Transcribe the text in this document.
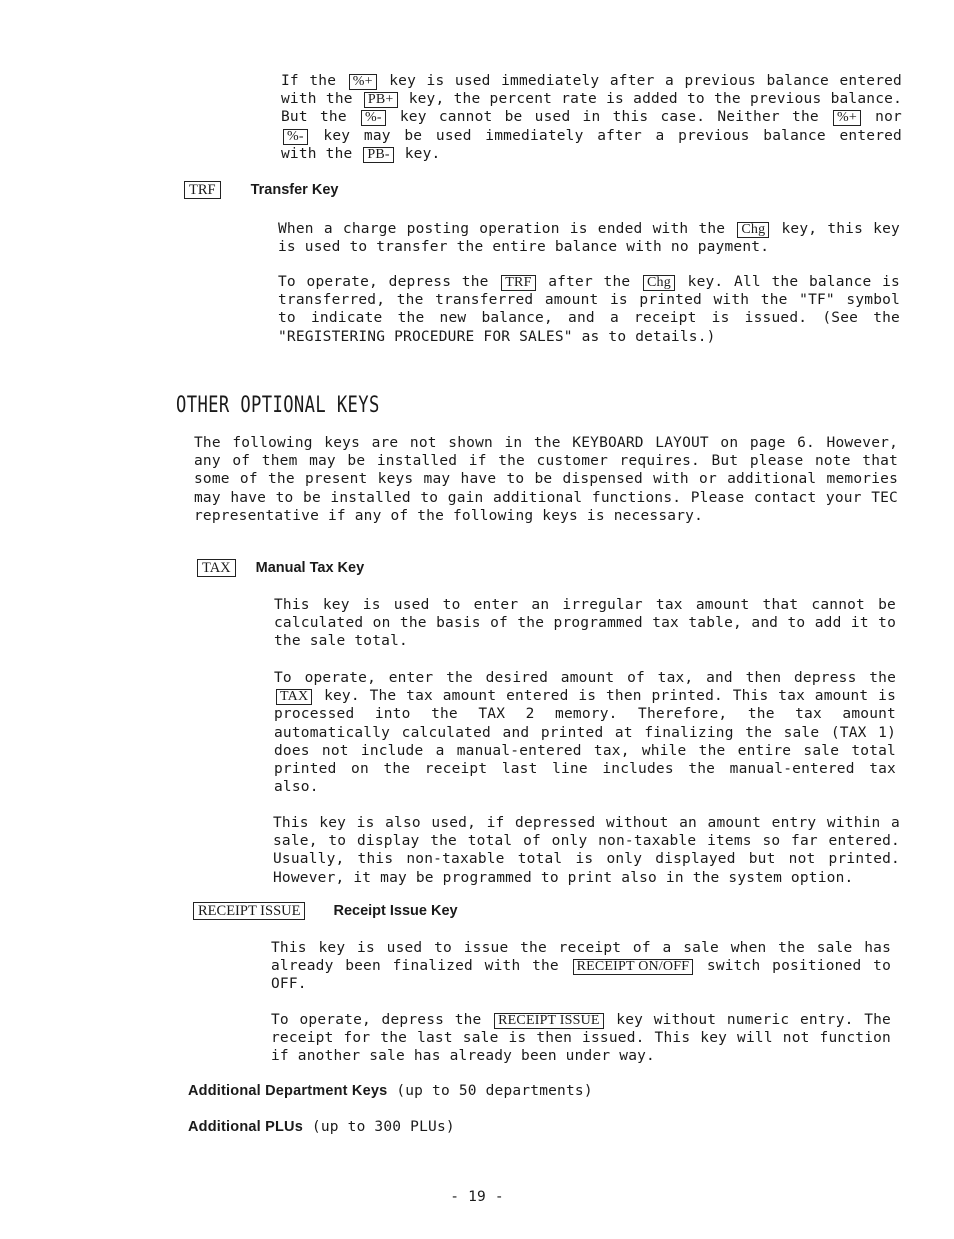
If the %+ key is used immediately after a previous balance entered

with the PB+ key, the percent rate is added to the previous balance.

But the %- key cannot be used in this case. Neither the %+ nor

%- key may be used immediately after a previous balance entered

with the PB- key.

TRF	Transfer Key

When a charge posting operation is ended with the Chg key, this key is used to transfer the entire balance with no payment.

To operate, depress the TRF after the Chg key. All the balance is transferred, the transferred amount is printed with the "TF" symbol to indicate the new balance, and a receipt is issued. (See the "REGISTERING PROCEDURE FOR SALES" as to details.)

OTHER OPTIONAL KEYS

The following keys are not shown in the KEYBOARD LAYOUT on page 6. However, any of them may be installed if the customer requires. But please note that some of the present keys may have to be dispensed with or additional memories may have to be installed to gain additional functions. Please contact your TEC representative if any of the following keys is necessary.

TAX	Manual Tax Key

This key is used to enter an irregular tax amount that cannot be calculated on the basis of the programmed tax table, and to add it to the sale total.

To operate, enter the desired amount of tax, and then depress the TAX key. The tax amount entered is then printed. This tax amount is processed into the TAX 2 memory. Therefore, the tax amount automatically calculated and printed at finalizing the sale (TAX 1) does not include a manual-entered tax, while the entire sale total printed on the receipt last line includes the manual-entered tax also.

This key is also used, if depressed without an amount entry within a sale, to display the total of only non-taxable items so far entered. Usually, this non-taxable total is only displayed but not printed. However, it may be programmed to print also in the system option.

RECEIPT ISSUE	Receipt Issue Key

This key is used to issue the receipt of a sale when the sale has already been finalized with the RECEIPT ON/OFF switch positioned to OFF.

To operate, depress the RECEIPT ISSUE key without numeric entry. The receipt for the last sale is then issued. This key will not function if another sale has already been under way.

Additional Department Keys (up to 50 departments)
Additional PLUs (up to 300 PLUs)
- 19 -
